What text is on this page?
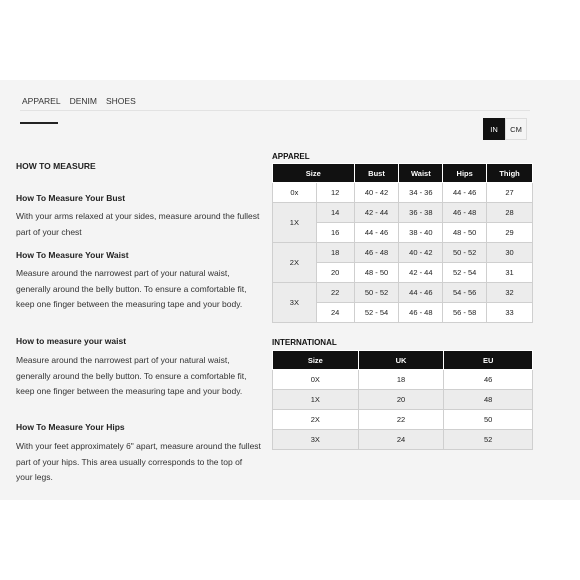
APPAREL DENIM SHOES
IN	CM
HOW TO MEASURE
How To Measure Your Bust
With your arms relaxed at your sides, measure around the fullest part of your chest
How To Measure Your Waist
Measure around the narrowest part of your natural waist, generally around the belly button. To ensure a comfortable fit, keep one finger between the measuring tape and your body.
How to measure your waist
Measure around the narrowest part of your natural waist, generally around the belly button. To ensure a comfortable fit, keep one finger between the measuring tape and your body.
How To Measure Your Hips
With your feet approximately 6" apart, measure around the fullest part of your hips. This area usually corresponds to the top of your legs.
APPAREL
Size		Bust	Waist	Hips	Thigh
0x	12	40 - 42	34 - 36	44 - 46	27
1X	14	42 - 44	36 - 38	46 - 48	28
	16	44 - 46	38 - 40	48 - 50	29
2X	18	46 - 48	40 - 42	50 - 52	30
	20	48 - 50	42 - 44	52 - 54	31
3X	22	50 - 52	44 - 46	54 - 56	32
	24	52 - 54	46 - 48	56 - 58	33
INTERNATIONAL
Size	UK	EU
0X	18	46
1X	20	48
2X	22	50
3X	24	52
